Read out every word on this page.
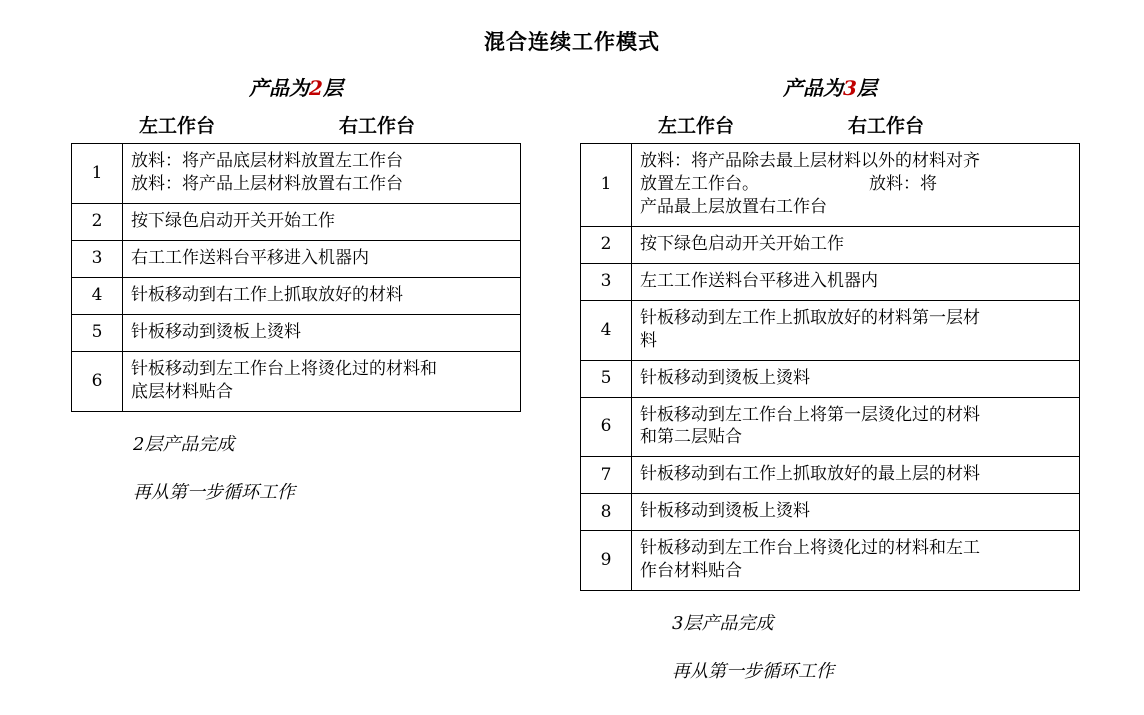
混合连续工作模式
产品为2层
左工作台	右工作台
1	放料：将产品底层材料放置左工作台
放料：将产品上层材料放置右工作台

2	按下绿色启动开关开始工作

3	右工工作送料台平移进入机器内

4	针板移动到右工作上抓取放好的材料

5	针板移动到烫板上烫料

6	针板移动到左工作台上将烫化过的材料和
底层材料贴合
2层产品完成
再从第一步循环工作
产品为3层
左工作台	右工作台
1	放料：将产品除去最上层材料以外的材料对齐
放置左工作台。 放料：将
产品最上层放置右工作台

2	按下绿色启动开关开始工作

3	左工工作送料台平移进入机器内

4	针板移动到左工作上抓取放好的材料第一层材
料

5	针板移动到烫板上烫料

6	针板移动到左工作台上将第一层烫化过的材料
和第二层贴合

7	针板移动到右工作上抓取放好的最上层的材料

8	针板移动到烫板上烫料

9	针板移动到左工作台上将烫化过的材料和左工
作台材料贴合
3层产品完成
再从第一步循环工作
